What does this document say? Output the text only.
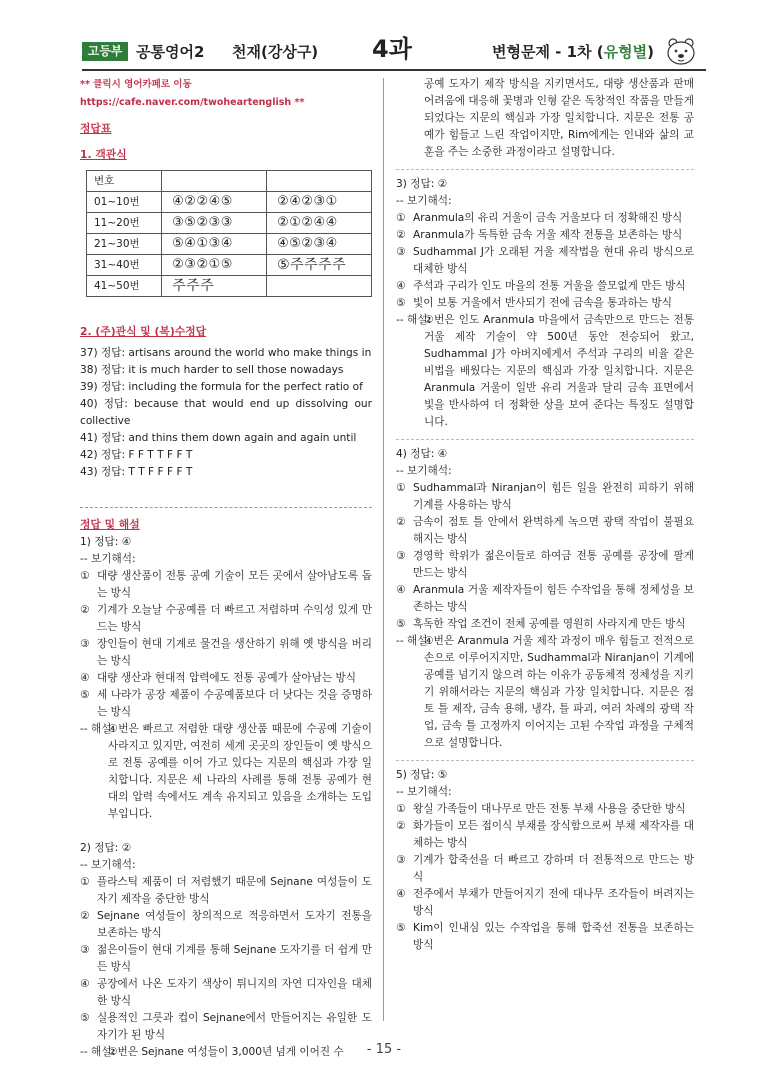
고등부 공통영어2 천재(강상구) 4과	변형문제 - 1차 (유형별)
** 클릭시 영어카페로 이동 https://cafe.naver.com/twoheartenglish **
정답표
1. 객관식
번호		
01~10번	④②②④⑤	②④②③①
11~20번	③⑤②③③	②①②④④
21~30번	⑤④①③④	④⑤②③④
31~40번	②③②①⑤	⑤주주주주
41~50번	주주주	
2. (주)관식 및 (복)수정답
37) 정답: artisans around the world who make things in
38) 정답: it is much harder to sell those nowadays
39) 정답: including the formula for the perfect ratio of
40) 정답: because that would end up dissolving our collective
41) 정답: and thins them down again and again until
42) 정답: F F T T F F T
43) 정답: T T F F F F T
정답 및 해설
1) 정답: ④
-- 보기해석:
① 대량 생산품이 전통 공예 기술이 모든 곳에서 살아남도록 돕는 방식
② 기계가 오늘날 수공예를 더 빠르고 저렴하며 수익성 있게 만드는 방식
③ 장인들이 현대 기계로 물건을 생산하기 위해 옛 방식을 버리는 방식
④ 대량 생산과 현대적 압력에도 전통 공예가 살아남는 방식
⑤ 세 나라가 공장 제품이 수공예품보다 더 낫다는 것을 증명하는 방식
-- 해설:
④번은 빠르고 저렴한 대량 생산품 때문에 수공예 기술이 사라지고 있지만, 여전히 세계 곳곳의 장인들이 옛 방식으로 전통 공예를 이어 가고 있다는 지문의 핵심과 가장 일치합니다. 지문은 세 나라의 사례를 통해 전통 공예가 현대의 압력 속에서도 계속 유지되고 있음을 소개하는 도입부입니다.
2) 정답: ②
-- 보기해석:
① 플라스틱 제품이 더 저렴했기 때문에 Sejnane 여성들이 도자기 제작을 중단한 방식
② Sejnane 여성들이 창의적으로 적응하면서 도자기 전통을 보존하는 방식
③ 젊은이들이 현대 기계를 통해 Sejnane 도자기를 더 쉽게 만든 방식
④ 공장에서 나온 도자기 색상이 튀니지의 자연 디자인을 대체한 방식
⑤ 실용적인 그릇과 컵이 Sejnane에서 만들어지는 유일한 도자기가 된 방식
-- 해설:
②번은 Sejnane 여성들이 3,000년 넘게 이어진 수
공예 도자기 제작 방식을 지키면서도, 대량 생산품과 판매 어려움에 대응해 꽃병과 인형 같은 독창적인 작품을 만들게 되었다는 지문의 핵심과 가장 일치합니다. 지문은 전통 공예가 힘들고 느린 작업이지만, Rim에게는 인내와 삶의 교훈을 주는 소중한 과정이라고 설명합니다.
3) 정답: ②
-- 보기해석:
① Aranmula의 유리 거울이 금속 거울보다 더 정확해진 방식
② Aranmula가 독특한 금속 거울 제작 전통을 보존하는 방식
③ Sudhammal J가 오래된 거울 제작법을 현대 유리 방식으로 대체한 방식
④ 주석과 구리가 인도 마을의 전통 거울을 쓸모없게 만든 방식
⑤ 빛이 보통 거울에서 반사되기 전에 금속을 통과하는 방식
-- 해설:
②번은 인도 Aranmula 마을에서 금속만으로 만드는 전통 거울 제작 기술이 약 500년 동안 전승되어 왔고, Sudhammal J가 아버지에게서 주석과 구리의 비율 같은 비법을 배웠다는 지문의 핵심과 가장 일치합니다. 지문은 Aranmula 거울이 일반 유리 거울과 달리 금속 표면에서 빛을 반사하여 더 정확한 상을 보여 준다는 특징도 설명합니다.
4) 정답: ④
-- 보기해석:
① Sudhammal과 Niranjan이 힘든 일을 완전히 피하기 위해 기계를 사용하는 방식
② 금속이 점토 틀 안에서 완벽하게 녹으면 광택 작업이 불필요해지는 방식
③ 경영학 학위가 젊은이들로 하여금 전통 공예를 공장에 팔게 만드는 방식
④ Aranmula 거울 제작자들이 힘든 수작업을 통해 정체성을 보존하는 방식
⑤ 혹독한 작업 조건이 전체 공예를 영원히 사라지게 만든 방식
-- 해설:
④번은 Aranmula 거울 제작 과정이 매우 힘들고 전적으로 손으로 이루어지지만, Sudhammal과 Niranjan이 기계에 공예를 넘기지 않으려 하는 이유가 공동체적 정체성을 지키기 위해서라는 지문의 핵심과 가장 일치합니다. 지문은 점토 틀 제작, 금속 용해, 냉각, 틀 파괴, 여러 차례의 광택 작업, 금속 틀 고정까지 이어지는 고된 수작업 과정을 구체적으로 설명합니다.
5) 정답: ⑤
-- 보기해석:
① 왕실 가족들이 대나무로 만든 전통 부채 사용을 중단한 방식
② 화가들이 모든 접이식 부채를 장식함으로써 부채 제작자를 대체하는 방식
③ 기계가 합죽선을 더 빠르고 강하며 더 전통적으로 만드는 방식
④ 전주에서 부채가 만들어지기 전에 대나무 조각들이 버려지는 방식
⑤ Kim이 인내심 있는 수작업을 통해 합죽선 전통을 보존하는 방식
- 15 -
